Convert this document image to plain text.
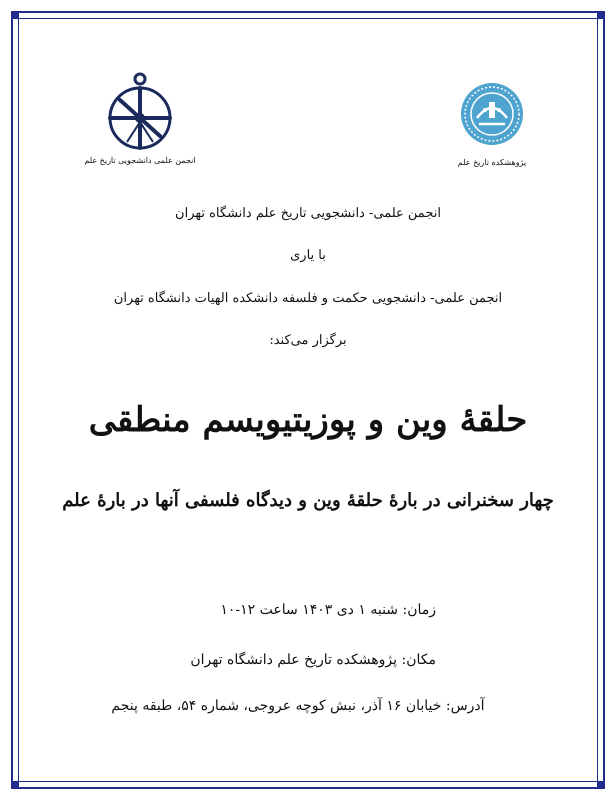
انجمن علمی دانشجویی تاریخ علم	پژوهشکده تاریخ علم
انجمن علمی- دانشجویی تاریخ علم دانشگاه تهران
با یاری
انجمن علمی- دانشجویی حکمت و فلسفه دانشکده الهیات دانشگاه تهران
برگزار می‌کند:
حلقهٔ وین و پوزیتیویسم منطقی
چهار سخنرانی در بارهٔ حلقهٔ وین و دیدگاه فلسفی آنها در بارهٔ علم
زمان: شنبه ۱ دی ۱۴۰۳ ساعت ۱۲-۱۰
مکان: پژوهشکده تاریخ علم دانشگاه تهران
آدرس: خیابان ۱۶ آذر، نبش کوچه عروجی، شماره ۵۴، طبقه پنجم
